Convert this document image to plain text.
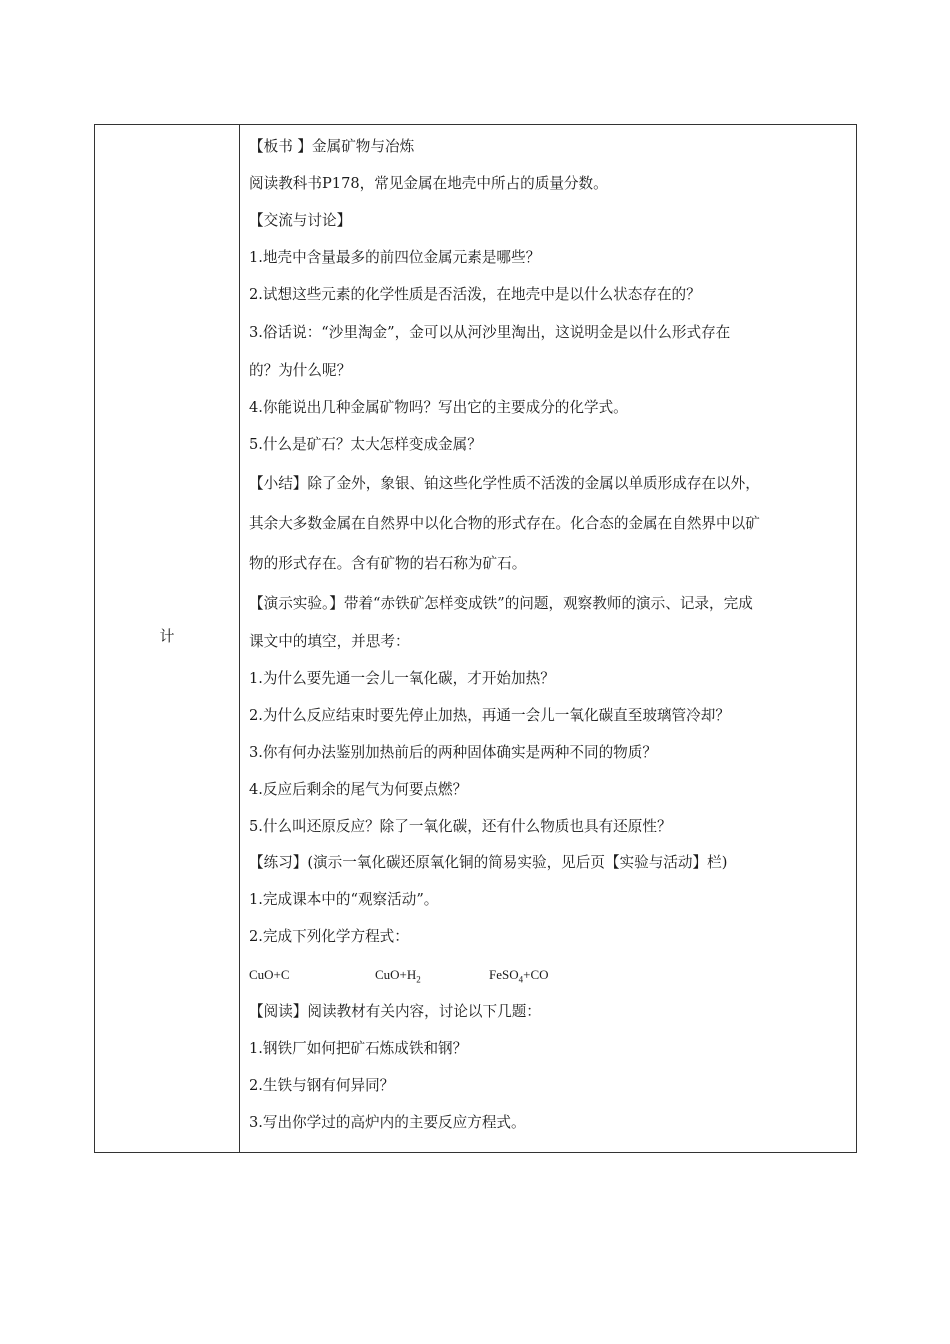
计
【板书 】金属矿物与冶炼
阅读教科书P178，常见金属在地壳中所占的质量分数。
【交流与讨论】
1.地壳中含量最多的前四位金属元素是哪些？
2.试想这些元素的化学性质是否活泼，在地壳中是以什么状态存在的？
3.俗话说：“沙里淘金”，金可以从河沙里淘出，这说明金是以什么形式存在
的？为什么呢？
4.你能说出几种金属矿物吗？写出它的主要成分的化学式。
5.什么是矿石？太大怎样变成金属？
【小结】除了金外，象银、铂这些化学性质不活泼的金属以单质形成存在以外，
其余大多数金属在自然界中以化合物的形式存在。化合态的金属在自然界中以矿
物的形式存在。含有矿物的岩石称为矿石。
【演示实验。】带着“赤铁矿怎样变成铁”的问题，观察教师的演示、记录，完成
课文中的填空，并思考：
1.为什么要先通一会儿一氧化碳，才开始加热？
2.为什么反应结束时要先停止加热，再通一会儿一氧化碳直至玻璃管冷却？
3.你有何办法鉴别加热前后的两种固体确实是两种不同的物质？
4.反应后剩余的尾气为何要点燃？
5.什么叫还原反应？除了一氧化碳，还有什么物质也具有还原性？
【练习】(演示一氧化碳还原氧化铜的简易实验，见后页【实验与活动】栏)
1.完成课本中的“观察活动”。
2.完成下列化学方程式：
CuO+C	$CuO+H_2$	FeSO$_4$+CO
【阅读】阅读教材有关内容，讨论以下几题：
1.钢铁厂如何把矿石炼成铁和钢？
2.生铁与钢有何异同？
3.写出你学过的高炉内的主要反应方程式。
